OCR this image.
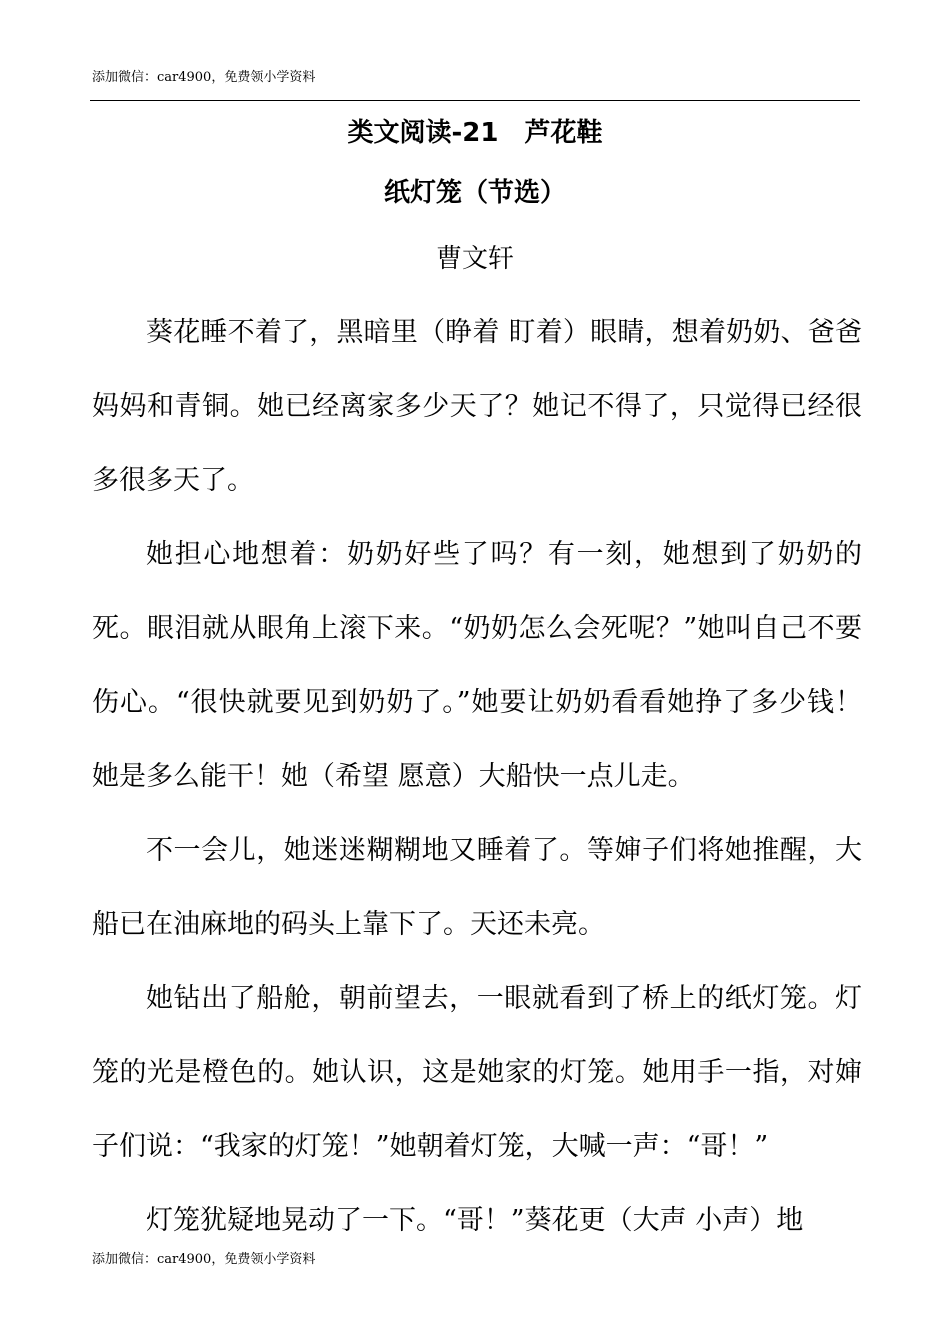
添加微信：car4900，免费领小学资料
类文阅读-21　芦花鞋
纸灯笼（节选）
曹文轩

葵花睡不着了，黑暗里（睁着 盯着）眼睛，想着奶奶、爸爸妈妈和青铜。她已经离家多少天了？她记不得了，只觉得已经很多很多天了。

她担心地想着：奶奶好些了吗？有一刻，她想到了奶奶的死。眼泪就从眼角上滚下来。“奶奶怎么会死呢？”她叫自己不要伤心。“很快就要见到奶奶了。”她要让奶奶看看她挣了多少钱！她是多么能干！她（希望 愿意）大船快一点儿走。

不一会儿，她迷迷糊糊地又睡着了。等婶子们将她推醒，大船已在油麻地的码头上靠下了。天还未亮。

她钻出了船舱，朝前望去，一眼就看到了桥上的纸灯笼。灯笼的光是橙色的。她认识，这是她家的灯笼。她用手一指，对婶子们说：“我家的灯笼！”她朝着灯笼，大喊一声：“哥！”

灯笼犹疑地晃动了一下。“哥！”葵花更（大声 小声）地

添加微信：car4900，免费领小学资料
